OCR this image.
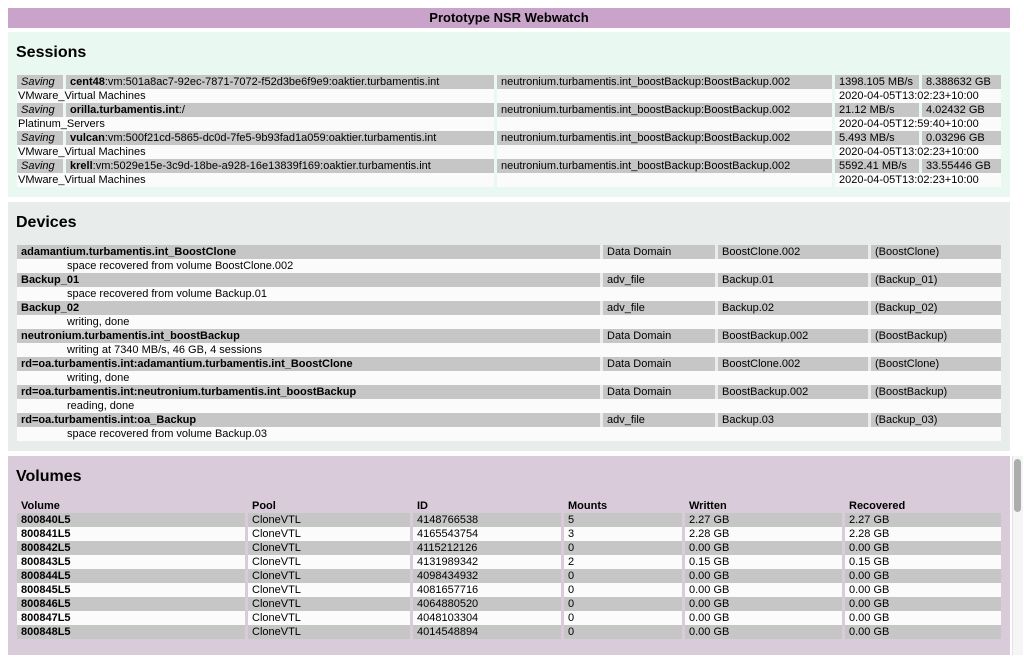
Prototype NSR Webwatch
Sessions
Saving	cent48:vm:501a8ac7-92ec-7871-7072-f52d3be6f9e9:oaktier.turbamentis.int	neutronium.turbamentis.int_boostBackup:BoostBackup.002	1398.105 MB/s	8.388632 GB
VMware_Virtual Machines			2020-04-05T13:02:23+10:00	
Saving	orilla.turbamentis.int:/	neutronium.turbamentis.int_boostBackup:BoostBackup.002	21.12 MB/s	4.02432 GB
Platinum_Servers			2020-04-05T12:59:40+10:00	
Saving	vulcan:vm:500f21cd-5865-dc0d-7fe5-9b93fad1a059:oaktier.turbamentis.int	neutronium.turbamentis.int_boostBackup:BoostBackup.002	5.493 MB/s	0.03296 GB
VMware_Virtual Machines			2020-04-05T13:02:23+10:00	
Saving	krell:vm:5029e15e-3c9d-18be-a928-16e13839f169:oaktier.turbamentis.int	neutronium.turbamentis.int_boostBackup:BoostBackup.002	5592.41 MB/s	33.55446 GB
VMware_Virtual Machines			2020-04-05T13:02:23+10:00	
Devices
adamantium.turbamentis.int_BoostClone	Data Domain	BoostClone.002	(BoostClone)
space recovered from volume BoostClone.002			
Backup_01	adv_file	Backup.01	(Backup_01)
space recovered from volume Backup.01			
Backup_02	adv_file	Backup.02	(Backup_02)
writing, done			
neutronium.turbamentis.int_boostBackup	Data Domain	BoostBackup.002	(BoostBackup)
writing at 7340 MB/s, 46 GB, 4 sessions			
rd=oa.turbamentis.int:adamantium.turbamentis.int_BoostClone	Data Domain	BoostClone.002	(BoostClone)
writing, done			
rd=oa.turbamentis.int:neutronium.turbamentis.int_boostBackup	Data Domain	BoostBackup.002	(BoostBackup)
reading, done			
rd=oa.turbamentis.int:oa_Backup	adv_file	Backup.03	(Backup_03)
space recovered from volume Backup.03			
Volumes
Volume	Pool	ID	Mounts	Written	Recovered
800840L5	CloneVTL	4148766538	5	2.27 GB	2.27 GB
800841L5	CloneVTL	4165543754	3	2.28 GB	2.28 GB
800842L5	CloneVTL	4115212126	0	0.00 GB	0.00 GB
800843L5	CloneVTL	4131989342	2	0.15 GB	0.15 GB
800844L5	CloneVTL	4098434932	0	0.00 GB	0.00 GB
800845L5	CloneVTL	4081657716	0	0.00 GB	0.00 GB
800846L5	CloneVTL	4064880520	0	0.00 GB	0.00 GB
800847L5	CloneVTL	4048103304	0	0.00 GB	0.00 GB
800848L5	CloneVTL	4014548894	0	0.00 GB	0.00 GB
